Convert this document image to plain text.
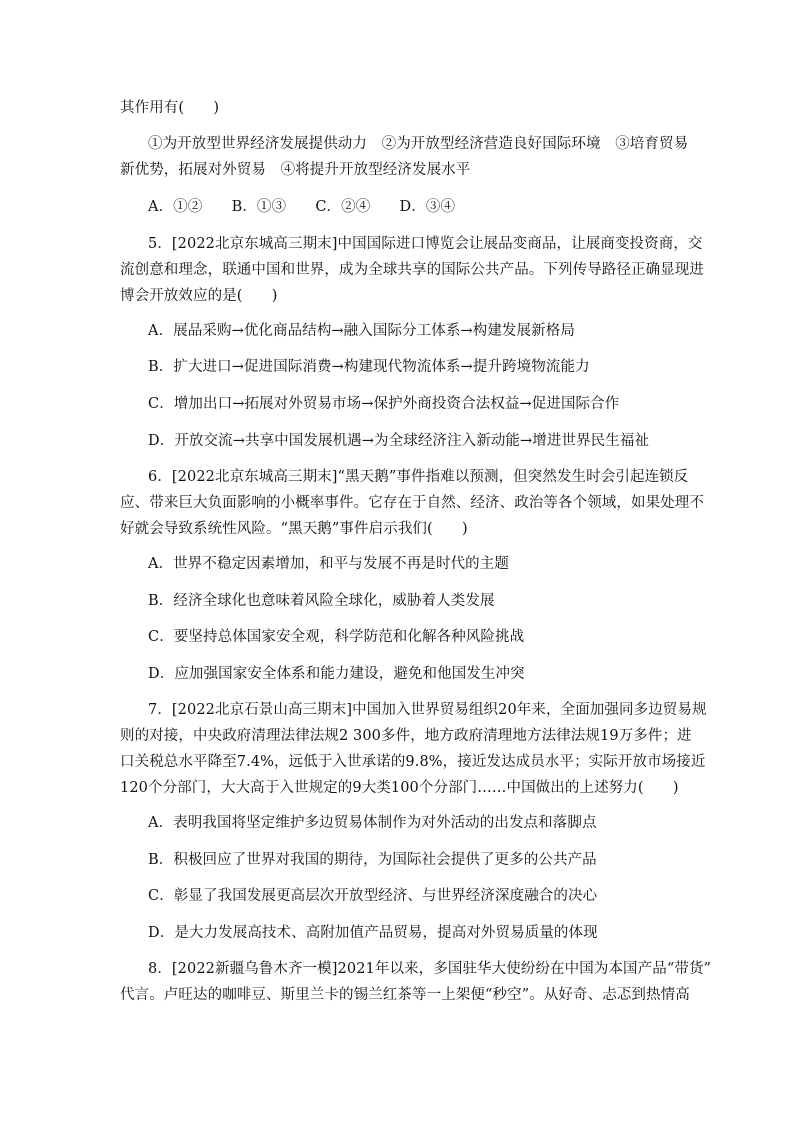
其作用有(　　)
①为开放型世界经济发展提供动力　②为开放型经济营造良好国际环境　③培育贸易
新优势，拓展对外贸易　④将提升开放型经济发展水平
A．①②　　B．①③　　C．②④　　D．③④
5．[2022北京东城高三期末]中国国际进口博览会让展品变商品，让展商变投资商，交
流创意和理念，联通中国和世界，成为全球共享的国际公共产品。下列传导路径正确显现进
博会开放效应的是(　　)
A．展品采购→优化商品结构→融入国际分工体系→构建发展新格局
B．扩大进口→促进国际消费→构建现代物流体系→提升跨境物流能力
C．增加出口→拓展对外贸易市场→保护外商投资合法权益→促进国际合作
D．开放交流→共享中国发展机遇→为全球经济注入新动能→增进世界民生福祉
6．[2022北京东城高三期末]“黑天鹅”事件指难以预测，但突然发生时会引起连锁反
应、带来巨大负面影响的小概率事件。它存在于自然、经济、政治等各个领域，如果处理不
好就会导致系统性风险。“黑天鹅”事件启示我们(　　)
A．世界不稳定因素增加，和平与发展不再是时代的主题
B．经济全球化也意味着风险全球化，威胁着人类发展
C．要坚持总体国家安全观，科学防范和化解各种风险挑战
D．应加强国家安全体系和能力建设，避免和他国发生冲突
7．[2022北京石景山高三期末]中国加入世界贸易组织20年来，全面加强同多边贸易规
则的对接，中央政府清理法律法规2 300多件，地方政府清理地方法律法规19万多件；进
口关税总水平降至7.4%，远低于入世承诺的9.8%，接近发达成员水平；实际开放市场接近
120个分部门，大大高于入世规定的9大类100个分部门……中国做出的上述努力(　　)
A．表明我国将坚定维护多边贸易体制作为对外活动的出发点和落脚点
B．积极回应了世界对我国的期待，为国际社会提供了更多的公共产品
C．彰显了我国发展更高层次开放型经济、与世界经济深度融合的决心
D．是大力发展高技术、高附加值产品贸易，提高对外贸易质量的体现
8．[2022新疆乌鲁木齐一模]2021年以来，多国驻华大使纷纷在中国为本国产品“带货”
代言。卢旺达的咖啡豆、斯里兰卡的锡兰红茶等一上架便“秒空”。从好奇、忐忑到热情高
